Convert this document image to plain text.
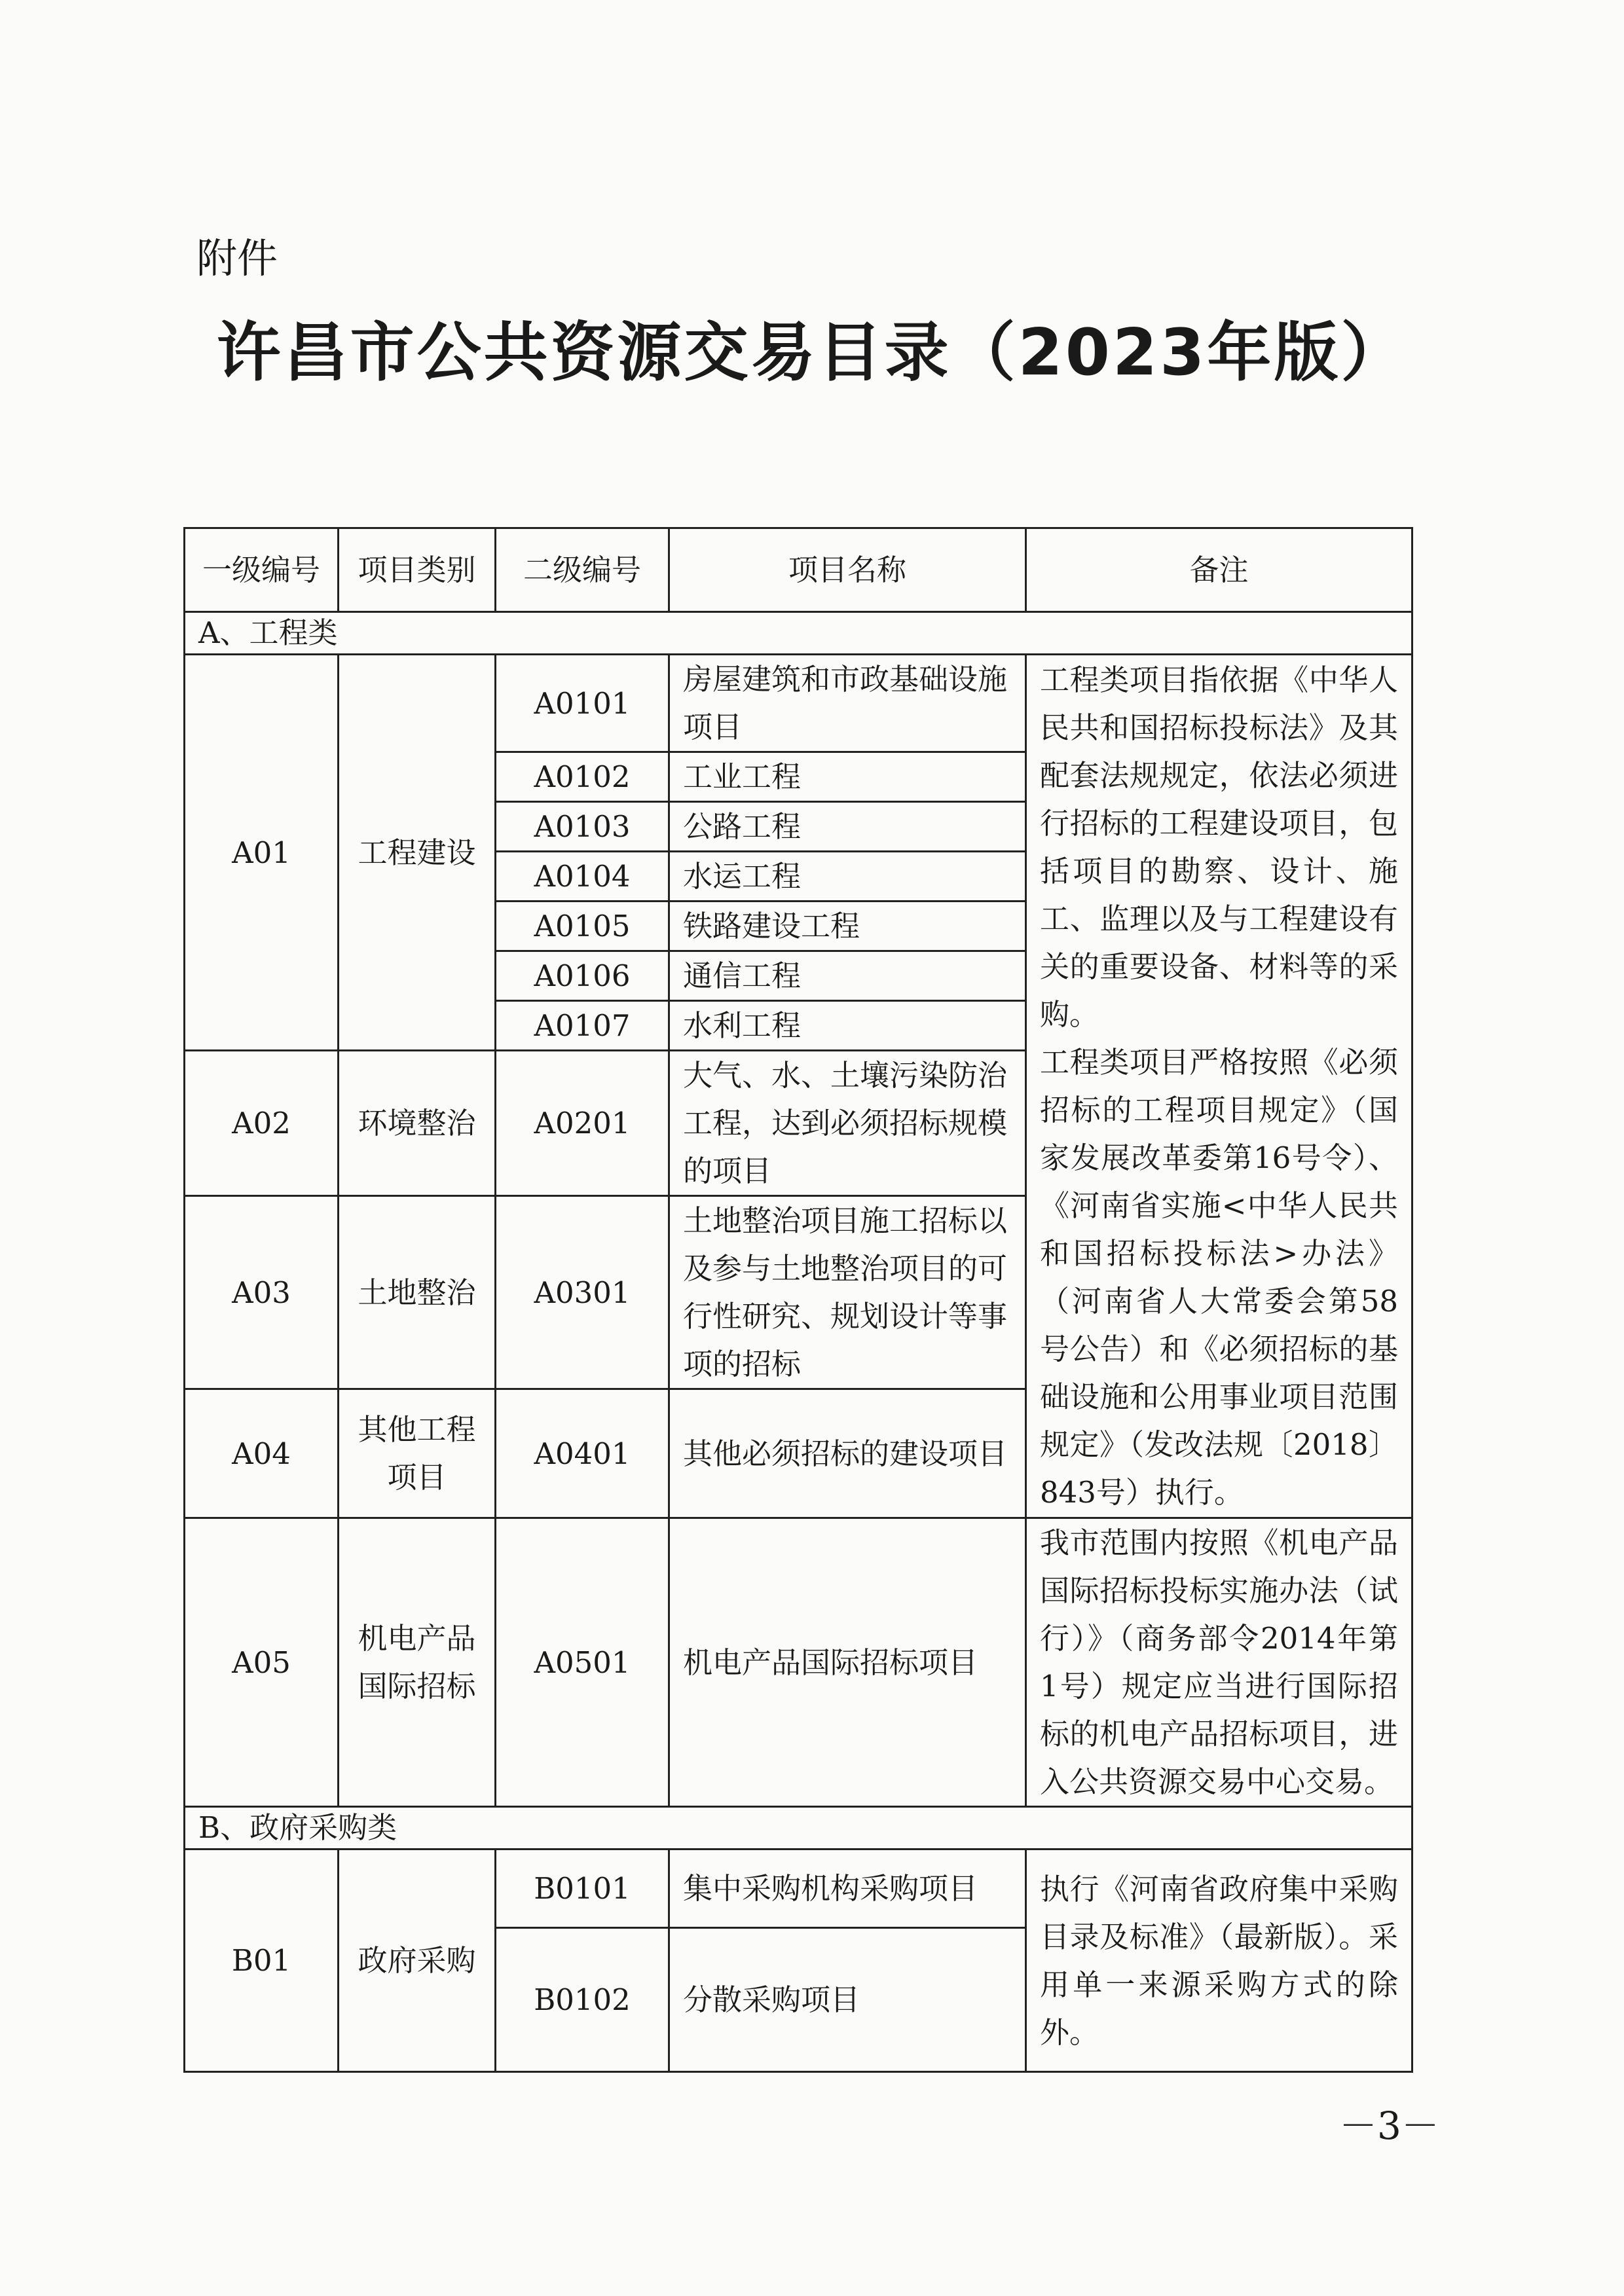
附件
许昌市公共资源交易目录（2023年版）
一级编号	项目类别	二级编号	项目名称	备注
A、工程类				
A01	工程建设	A0101	房屋建筑和市政基础设施项目	工程类项目指依据《中华人民共和国招标投标法》及其配套法规规定，依法必须进行招标的工程建设项目，包括项目的勘察、设计、施工、监理以及与工程建设有关的重要设备、材料等的采购。
工程类项目严格按照《必须招标的工程项目规定》（国家发展改革委第16号令）、《河南省实施<中华人民共和国招标投标法>办法》（河南省人大常委会第58号公告）和《必须招标的基础设施和公用事业项目范围规定》（发改法规〔2018〕843号）执行。

		A0102	工业工程	
		A0103	公路工程	
		A0104	水运工程	
		A0105	铁路建设工程	
		A0106	通信工程	
		A0107	水利工程	
A02	环境整治	A0201	大气、水、土壤污染防治工程，达到必须招标规模的项目	
A03	土地整治	A0301	土地整治项目施工招标以及参与土地整治项目的可行性研究、规划设计等事项的招标	
A04	其他工程项目	A0401	其他必须招标的建设项目	
A05	机电产品国际招标	A0501	机电产品国际招标项目	我市范围内按照《机电产品国际招标投标实施办法（试行）》（商务部令2014年第1号）规定应当进行国际招标的机电产品招标项目，进入公共资源交易中心交易。
B、政府采购类				
B01	政府采购	B0101	集中采购机构采购项目	执行《河南省政府集中采购目录及标准》（最新版）。采用单一来源采购方式的除外。
		B0102	分散采购项目	
－3－
